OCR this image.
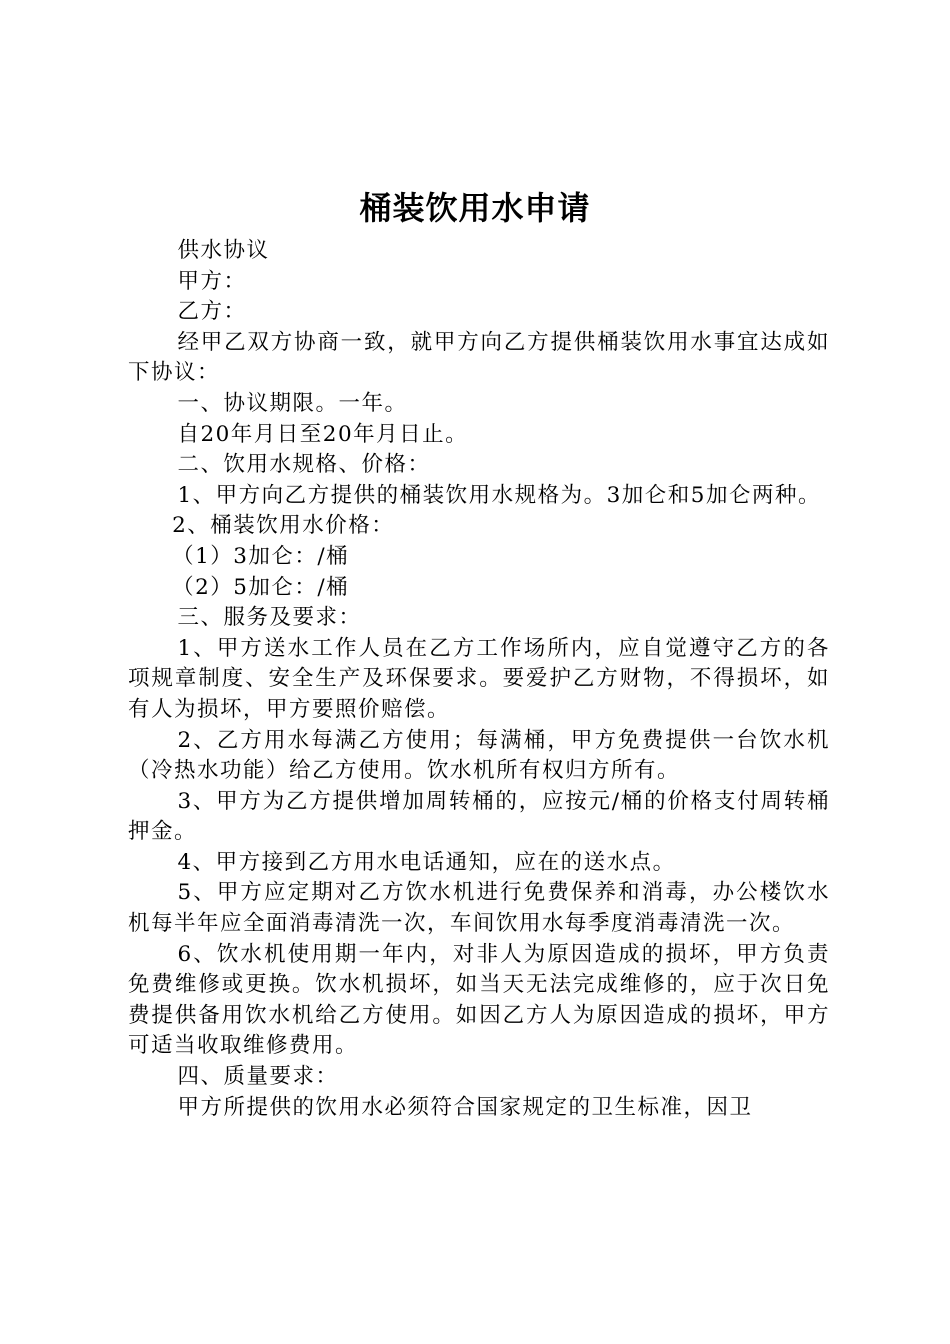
桶装饮用水申请

供水协议

甲方：

乙方：

经甲乙双方协商一致，就甲方向乙方提供桶装饮用水事宜达成如下协议：

一、协议期限。一年。

自20年月日至20年月日止。

二、饮用水规格、价格：

1、甲方向乙方提供的桶装饮用水规格为。3加仑和5加仑两种。

2、桶装饮用水价格：

（1）3加仑：/桶

（2）5加仑：/桶

三、服务及要求：

1、甲方送水工作人员在乙方工作场所内，应自觉遵守乙方的各项规章制度、安全生产及环保要求。要爱护乙方财物，不得损坏，如有人为损坏，甲方要照价赔偿。

2、乙方用水每满乙方使用；每满桶，甲方免费提供一台饮水机（冷热水功能）给乙方使用。饮水机所有权归方所有。

3、甲方为乙方提供增加周转桶的，应按元/桶的价格支付周转桶押金。

4、甲方接到乙方用水电话通知，应在的送水点。

5、甲方应定期对乙方饮水机进行免费保养和消毒，办公楼饮水机每半年应全面消毒清洗一次，车间饮用水每季度消毒清洗一次。

6、饮水机使用期一年内，对非人为原因造成的损坏，甲方负责免费维修或更换。饮水机损坏，如当天无法完成维修的，应于次日免费提供备用饮水机给乙方使用。如因乙方人为原因造成的损坏，甲方可适当收取维修费用。

四、质量要求：

甲方所提供的饮用水必须符合国家规定的卫生标准，因卫
